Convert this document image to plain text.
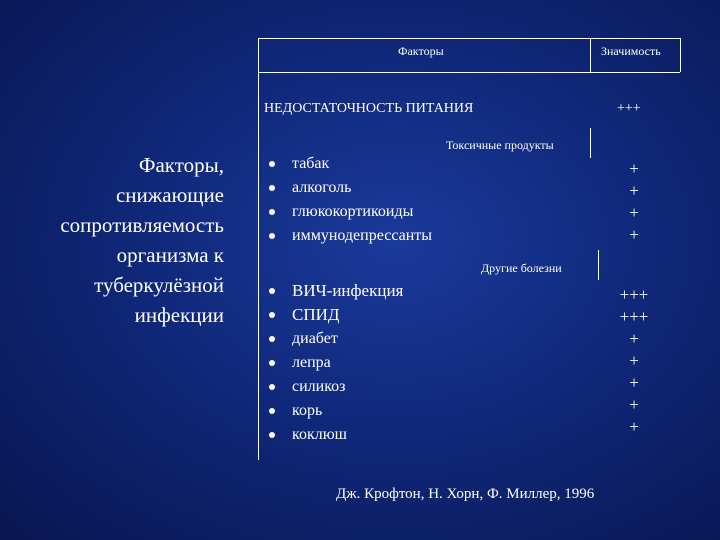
Факторы,
снижающие
сопротивляемость
организма к
туберкулёзной
инфекции
Факторы	Значимость
НЕДОСТАТОЧНОСТЬ ПИТАНИЯ	+++
Токсичные продукты
табак
алкоголь
глюкокортикоиды
иммунодепрессанты
+
+
+
+
Другие болезни
ВИЧ-инфекция
СПИД
диабет
лепра
силикоз
корь
коклюш
+++
+++
+
+
+
+
+
Дж. Крофтон, Н. Хорн, Ф. Миллер, 1996
